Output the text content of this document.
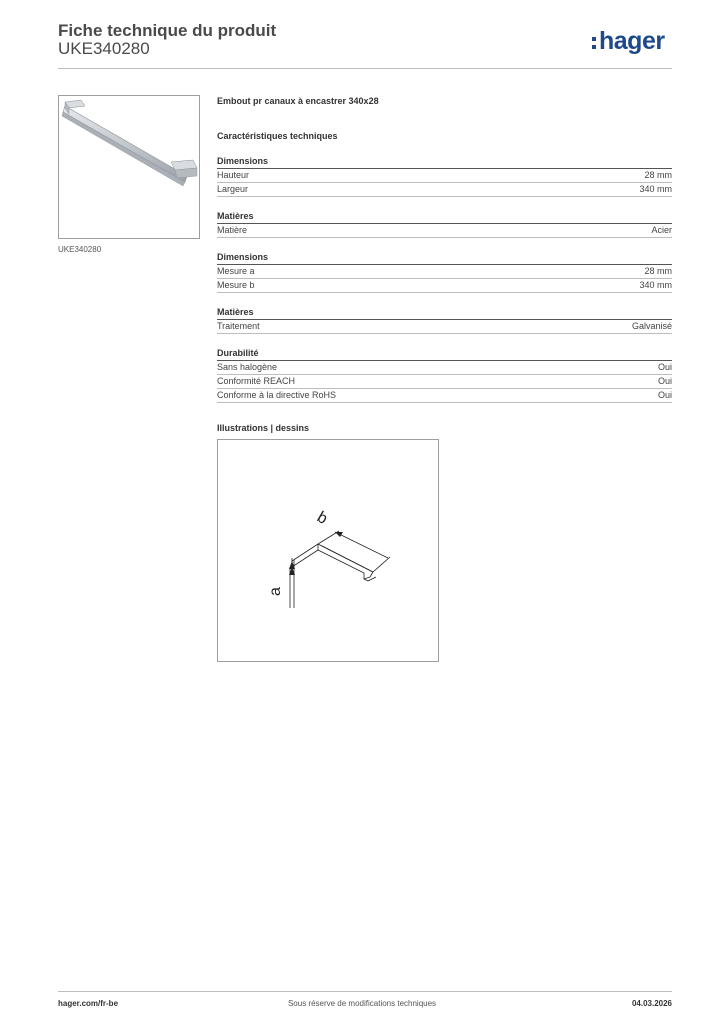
Fiche technique du produit
UKE340280	hager
UKE340280
Embout pr canaux à encastrer 340x28
Caractéristiques techniques
Dimensions
Hauteur	28 mm
Largeur	340 mm
Matières
Matière	Acier
Dimensions
Mesure a	28 mm
Mesure b	340 mm
Matières
Traitement	Galvanisé
Durabilité
Sans halogène	Oui
Conformité REACH	Oui
Conforme à la directive RoHS	Oui
Illustrations | dessins
b
a
hager.com/fr-be	Sous réserve de modifications techniques	04.03.2026
